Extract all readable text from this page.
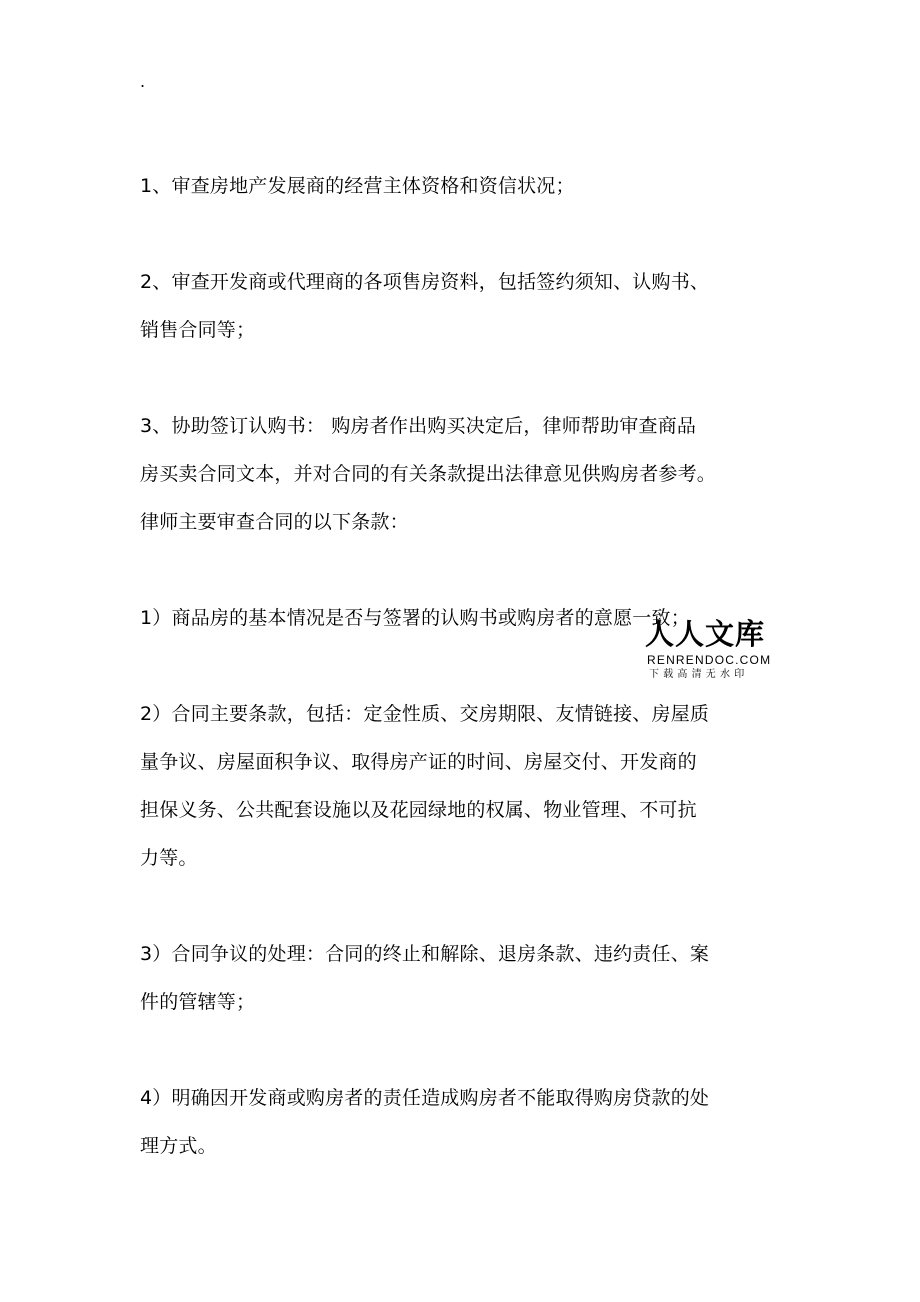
.
1、审查房地产发展商的经营主体资格和资信状况；
2、审查开发商或代理商的各项售房资料，包括签约须知、认购书、
销售合同等；
3、协助签订认购书： 购房者作出购买决定后，律师帮助审查商品
房买卖合同文本，并对合同的有关条款提出法律意见供购房者参考。
律师主要审查合同的以下条款：
1）商品房的基本情况是否与签署的认购书或购房者的意愿一致；
2）合同主要条款，包括：定金性质、交房期限、友情链接、房屋质
量争议、房屋面积争议、取得房产证的时间、房屋交付、开发商的
担保义务、公共配套设施以及花园绿地的权属、物业管理、不可抗
力等。
3）合同争议的处理：合同的终止和解除、退房条款、违约责任、案
件的管辖等；
4）明确因开发商或购房者的责任造成购房者不能取得购房贷款的处
理方式。
人人文库
RENRENDOC.COM
下载高清无水印
